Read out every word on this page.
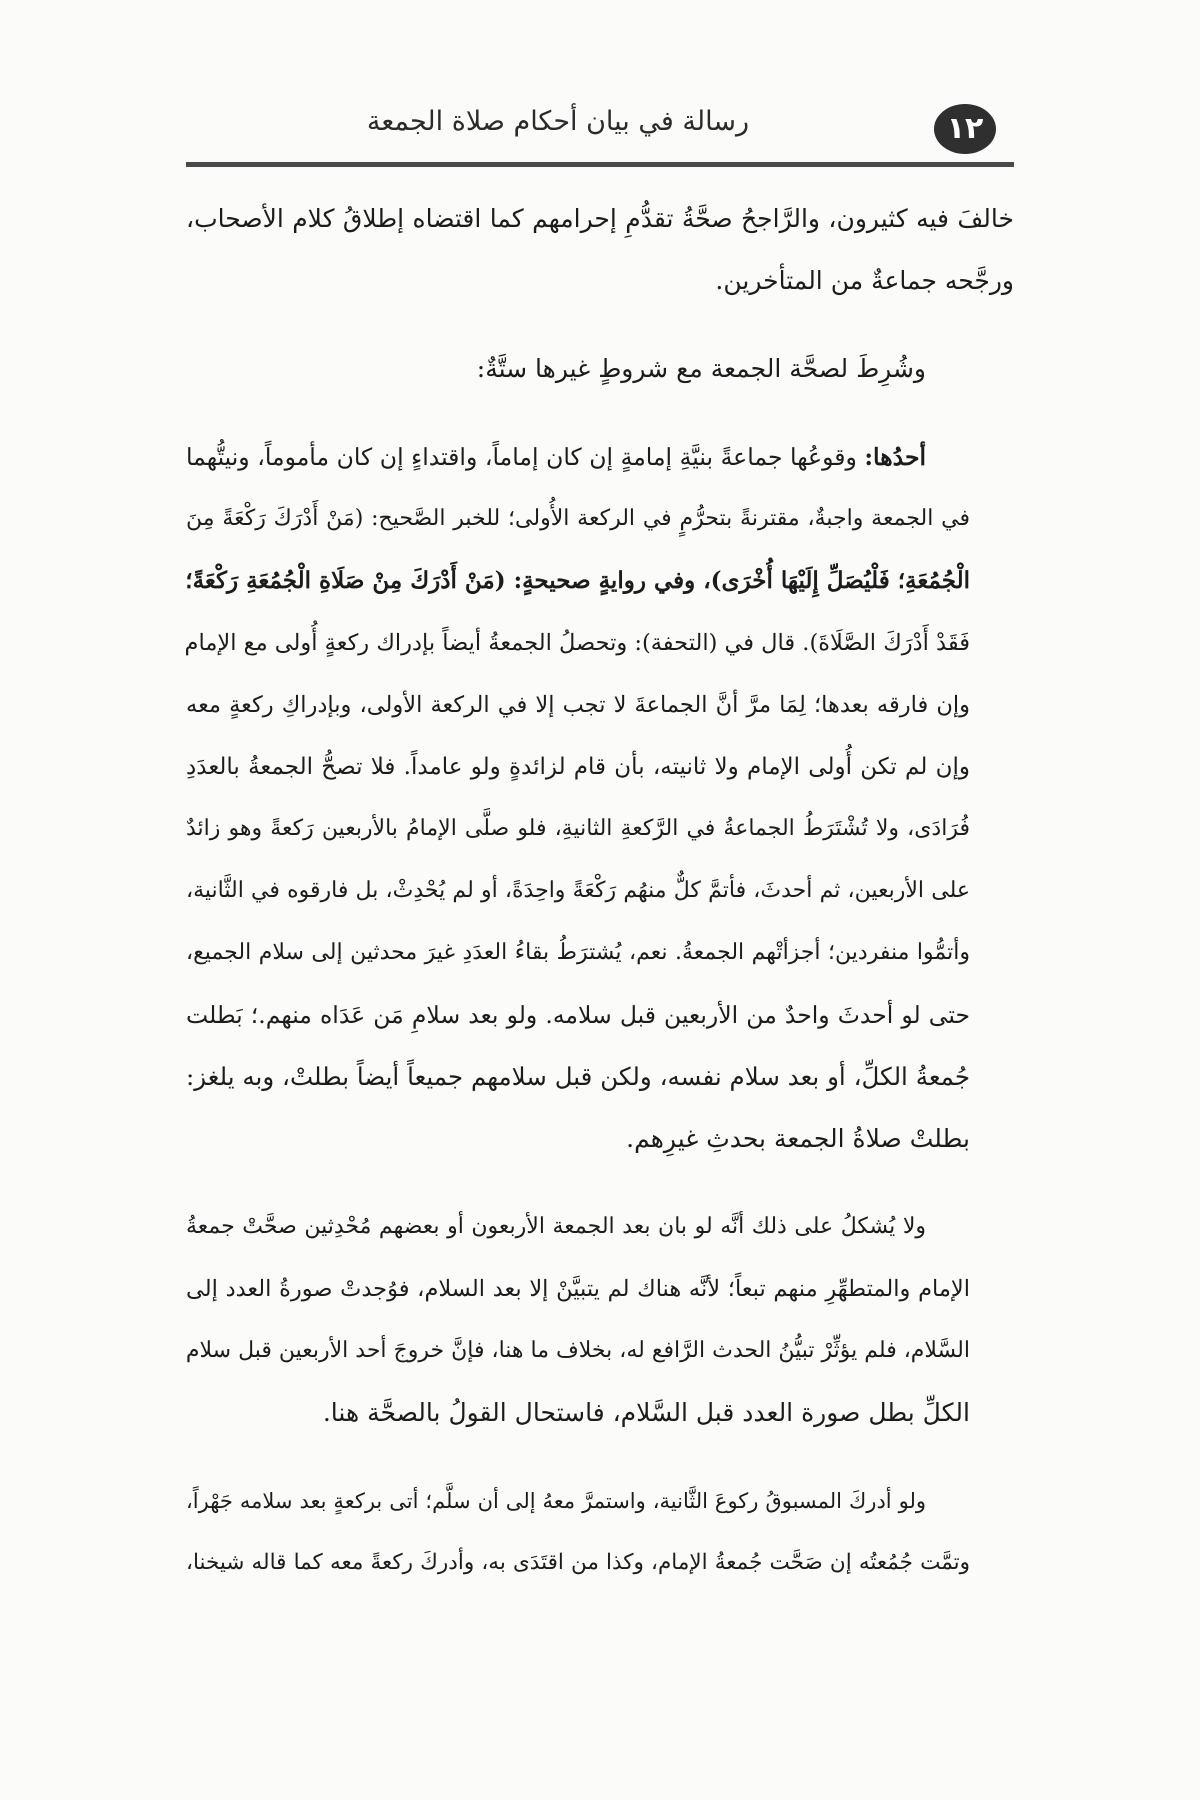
١٢
رسالة في بيان أحكام صلاة الجمعة
خالفَ فيه كثيرون، والرَّاجحُ صحَّةُ تقدُّمِ إحرامهم كما اقتضاه إطلاقُ كلام الأصحاب،
ورجَّحه جماعةٌ من المتأخرين.
وشُرِطَ لصحَّة الجمعة مع شروطٍ غيرها ستَّةٌ:
أحدُها: وقوعُها جماعةً بنيَّةِ إمامةٍ إن كان إماماً، واقتداءٍ إن كان مأموماً، ونيتُّهما
في الجمعة واجبةٌ، مقترنةً بتحرُّمٍ في الركعة الأُولى؛ للخبر الصَّحيح: (مَنْ أَدْرَكَ رَكْعَةً مِنَ
الْجُمُعَةِ؛ فَلْيُصَلِّ إِلَيْهَا أُخْرَى)، وفي روايةٍ صحيحةٍ: (مَنْ أَدْرَكَ مِنْ صَلَاةِ الْجُمُعَةِ رَكْعَةً؛
فَقَدْ أَدْرَكَ الصَّلَاةَ). قال في (التحفة): وتحصلُ الجمعةُ أيضاً بإدراك ركعةٍ أُولى مع الإمام
وإن فارقه بعدها؛ لِمَا مرَّ أنَّ الجماعةَ لا تجب إلا في الركعة الأولى، وبإدراكِ ركعةٍ معه
وإن لم تكن أُولى الإمام ولا ثانيته، بأن قام لزائدةٍ ولو عامداً. فلا تصحُّ الجمعةُ بالعدَدِ
فُرَادَى، ولا تُشْتَرَطُ الجماعةُ في الرَّكعةِ الثانيةِ، فلو صلَّى الإمامُ بالأربعين رَكعةً وهو زائدٌ
على الأربعين، ثم أحدثَ، فأتمَّ كلٌّ منهُم رَكْعَةً واحِدَةً، أو لم يُحْدِثْ، بل فارقوه في الثَّانية،
وأتمُّوا منفردين؛ أجزأتْهم الجمعةُ. نعم، يُشترَطُ بقاءُ العدَدِ غيرَ محدثين إلى سلام الجميع،
حتى لو أحدثَ واحدٌ من الأربعين قبل سلامه. ولو بعد سلامِ مَن عَدَاه منهم.؛ بَطلت
جُمعةُ الكلِّ، أو بعد سلام نفسه، ولكن قبل سلامهم جميعاً أيضاً بطلتْ، وبه يلغز:
بطلتْ صلاةُ الجمعة بحدثِ غيرِهم.
ولا يُشكلُ على ذلك أنَّه لو بان بعد الجمعة الأربعون أو بعضهم مُحْدِثين صحَّتْ جمعةُ
الإمام والمتطهِّرِ منهم تبعاً؛ لأنَّه هناك لم يتبيَّنْ إلا بعد السلام، فوُجدتْ صورةُ العدد إلى
السَّلام، فلم يؤثِّرْ تبيُّنُ الحدث الرَّافع له، بخلاف ما هنا، فإنَّ خروجَ أحد الأربعين قبل سلام
الكلِّ بطل صورة العدد قبل السَّلام، فاستحال القولُ بالصحَّة هنا.
ولو أدركَ المسبوقُ ركوعَ الثَّانية، واستمرَّ معهُ إلى أن سلَّم؛ أتى بركعةٍ بعد سلامه جَهْراً،
وتمَّت جُمُعتُه إن صَحَّت جُمعةُ الإمام، وكذا من اقتَدَى به، وأدركَ ركعةً معه كما قاله شيخنا،
